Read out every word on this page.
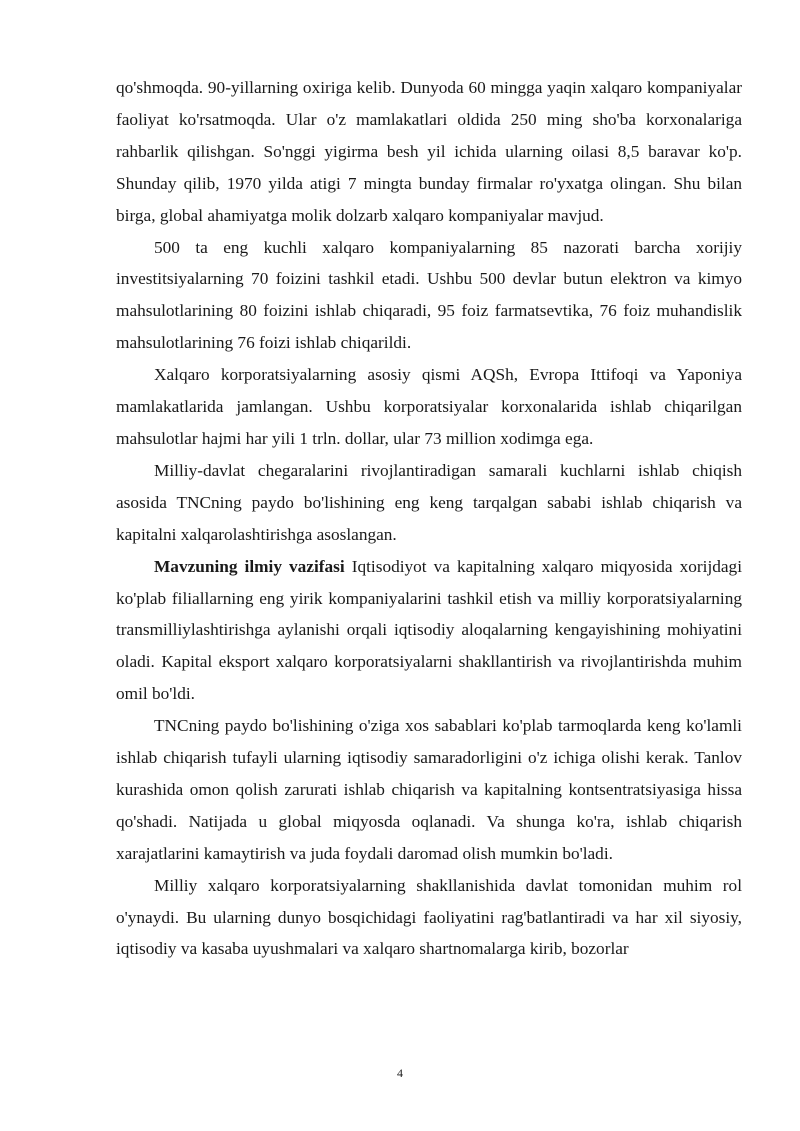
qo'shmoqda. 90-yillarning oxiriga kelib. Dunyoda 60 mingga yaqin xalqaro kompaniyalar faoliyat ko'rsatmoqda. Ular o'z mamlakatlari oldida 250 ming sho'ba korxonalariga rahbarlik qilishgan. So'nggi yigirma besh yil ichida ularning oilasi 8,5 baravar ko'p. Shunday qilib, 1970 yilda atigi 7 mingta bunday firmalar ro'yxatga olingan. Shu bilan birga, global ahamiyatga molik dolzarb xalqaro kompaniyalar mavjud.

500 ta eng kuchli xalqaro kompaniyalarning 85 nazorati barcha xorijiy investitsiyalarning 70 foizini tashkil etadi. Ushbu 500 devlar butun elektron va kimyo mahsulotlarining 80 foizini ishlab chiqaradi, 95 foiz farmatsevtika, 76 foiz muhandislik mahsulotlarining 76 foizi ishlab chiqarildi.

Xalqaro korporatsiyalarning asosiy qismi AQSh, Evropa Ittifoqi va Yaponiya mamlakatlarida jamlangan. Ushbu korporatsiyalar korxonalarida ishlab chiqarilgan mahsulotlar hajmi har yili 1 trln. dollar, ular 73 million xodimga ega.

Milliy-davlat chegaralarini rivojlantiradigan samarali kuchlarni ishlab chiqish asosida TNCning paydo bo'lishining eng keng tarqalgan sababi ishlab chiqarish va kapitalni xalqarolashtirishga asoslangan.

Mavzuning ilmiy vazifasi Iqtisodiyot va kapitalning xalqaro miqyosida xorijdagi ko'plab filiallarning eng yirik kompaniyalarini tashkil etish va milliy korporatsiyalarning transmilliylashtirishga aylanishi orqali iqtisodiy aloqalarning kengayishining mohiyatini oladi. Kapital eksport xalqaro korporatsiyalarni shakllantirish va rivojlantirishda muhim omil bo'ldi.

TNCning paydo bo'lishining o'ziga xos sabablari ko'plab tarmoqlarda keng ko'lamli ishlab chiqarish tufayli ularning iqtisodiy samaradorligini o'z ichiga olishi kerak. Tanlov kurashida omon qolish zarurati ishlab chiqarish va kapitalning kontsentratsiyasiga hissa qo'shadi. Natijada u global miqyosda oqlanadi. Va shunga ko'ra, ishlab chiqarish xarajatlarini kamaytirish va juda foydali daromad olish mumkin bo'ladi.

Milliy xalqaro korporatsiyalarning shakllanishida davlat tomonidan muhim rol o'ynaydi. Bu ularning dunyo bosqichidagi faoliyatini rag'batlantiradi va har xil siyosiy, iqtisodiy va kasaba uyushmalari va xalqaro shartnomalarga kirib, bozorlar

4
